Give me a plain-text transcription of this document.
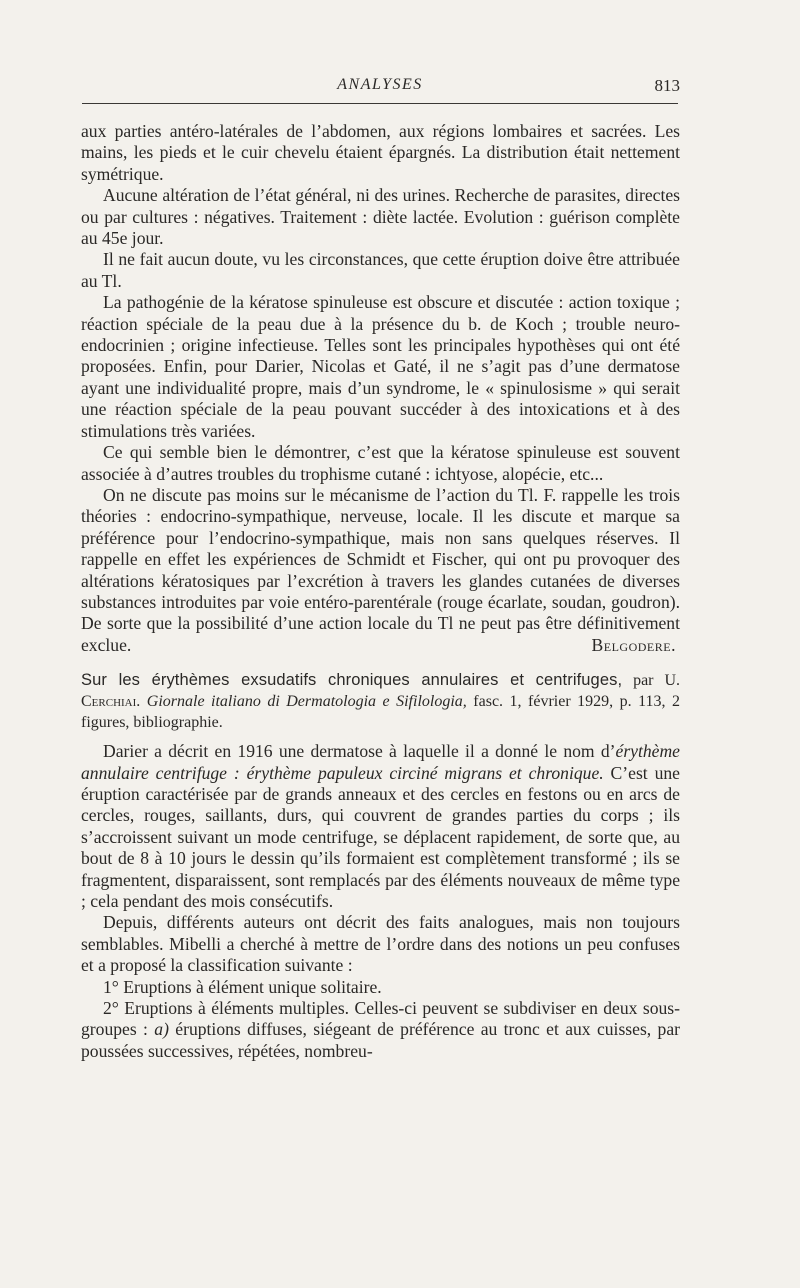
ANALYSES	813

aux parties antéro-latérales de l’abdomen, aux régions lombaires et sacrées. Les mains, les pieds et le cuir chevelu étaient épargnés. La distribution était nettement symétrique.

Aucune altération de l’état général, ni des urines. Recherche de parasites, directes ou par cultures : négatives. Traitement : diète lactée. Evolution : guérison complète au 45e jour.

Il ne fait aucun doute, vu les circonstances, que cette éruption doive être attribuée au Tl.

La pathogénie de la kératose spinuleuse est obscure et discutée : action toxique ; réaction spéciale de la peau due à la présence du b. de Koch ; trouble neuro-endocrinien ; origine infectieuse. Telles sont les principales hypothèses qui ont été proposées. Enfin, pour Darier, Nicolas et Gaté, il ne s’agit pas d’une dermatose ayant une individualité propre, mais d’un syndrome, le « spinulosisme » qui serait une réaction spéciale de la peau pouvant succéder à des intoxications et à des stimulations très variées.

Ce qui semble bien le démontrer, c’est que la kératose spinuleuse est souvent associée à d’autres troubles du trophisme cutané : ichtyose, alopécie, etc...

On ne discute pas moins sur le mécanisme de l’action du Tl. F. rappelle les trois théories : endocrino-sympathique, nerveuse, locale. Il les discute et marque sa préférence pour l’endocrino-sympathique, mais non sans quelques réserves. Il rappelle en effet les expériences de Schmidt et Fischer, qui ont pu provoquer des altérations kératosiques par l’excrétion à travers les glandes cutanées de diverses substances introduites par voie entéro-parentérale (rouge écarlate, soudan, goudron). De sorte que la possibilité d’une action locale du Tl ne peut pas être définitivement exclue.	Belgodere.

Sur les érythèmes exsudatifs chroniques annulaires et centrifuges, par U. Cerchiai. Giornale italiano di Dermatologia e Sifilologia, fasc. 1, février 1929, p. 113, 2 figures, bibliographie.

Darier a décrit en 1916 une dermatose à laquelle il a donné le nom d’érythème annulaire centrifuge : érythème papuleux circiné migrans et chronique. C’est une éruption caractérisée par de grands anneaux et des cercles en festons ou en arcs de cercles, rouges, saillants, durs, qui couvrent de grandes parties du corps ; ils s’accroissent suivant un mode centrifuge, se déplacent rapidement, de sorte que, au bout de 8 à 10 jours le dessin qu’ils formaient est complètement transformé ; ils se fragmentent, disparaissent, sont remplacés par des éléments nouveaux de même type ; cela pendant des mois consécutifs.

Depuis, différents auteurs ont décrit des faits analogues, mais non toujours semblables. Mibelli a cherché à mettre de l’ordre dans des notions un peu confuses et a proposé la classification suivante :

1° Eruptions à élément unique solitaire.

2° Eruptions à éléments multiples. Celles-ci peuvent se subdiviser en deux sous-groupes : a) éruptions diffuses, siégeant de préférence au tronc et aux cuisses, par poussées successives, répétées, nombreu-
